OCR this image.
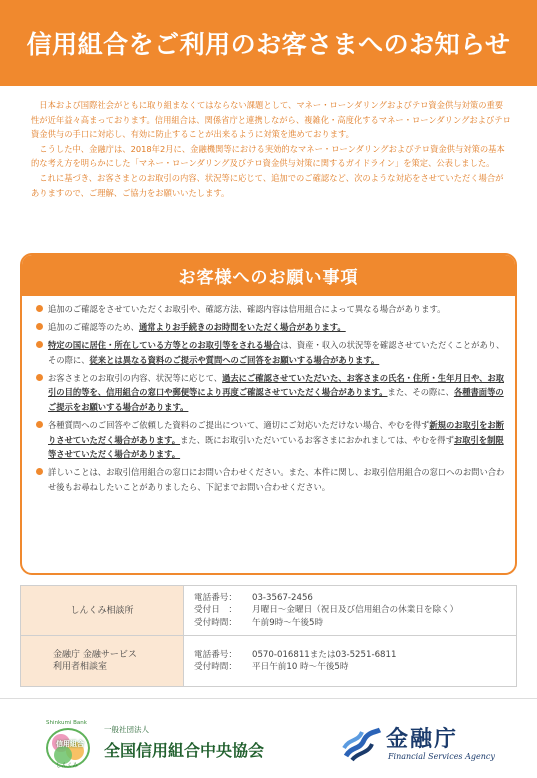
信用組合をご利用のお客さまへのお知らせ

日本および国際社会がともに取り組まなくてはならない課題として、マネー・ローンダリングおよびテロ資金供与対策の重要性が近年益々高まっております。信用組合は、関係省庁と連携しながら、複雑化・高度化するマネー・ローンダリングおよびテロ資金供与の手口に対応し、有効に防止することが出来るように対策を進めております。

こうした中、金融庁は、2018年2月に、金融機関等における実効的なマネー・ローンダリングおよびテロ資金供与対策の基本的な考え方を明らかにした「マネー・ローンダリング及びテロ資金供与対策に関するガイドライン」を策定、公表しました。

これに基づき、お客さまとのお取引の内容、状況等に応じて、追加でのご確認など、次のような対応をさせていただく場合がありますので、ご理解、ご協力をお願いいたします。

お客様へのお願い事項
追加のご確認をさせていただくお取引や、確認方法、確認内容は信用組合によって異なる場合があります。
追加のご確認等のため、通常よりお手続きのお時間をいただく場合があります。
特定の国に居住・所在している方等とのお取引等をされる場合は、資産・収入の状況等を確認させていただくことがあり、その際に、従来とは異なる資料のご提示や質問へのご回答をお願いする場合があります。
お客さまとのお取引の内容、状況等に応じて、過去にご確認させていただいた、お客さまの氏名・住所・生年月日や、お取引の目的等を、信用組合の窓口や郵便等により再度ご確認させていただく場合があります。また、その際に、各種書面等のご提示をお願いする場合があります。
各種質問へのご回答やご依頼した資料のご提出について、適切にご対応いただけない場合、やむを得ず新規のお取引をお断りさせていただく場合があります。また、既にお取引いただいているお客さまにおかれましては、やむを得ずお取引を制限等させていただく場合があります。
詳しいことは、お取引信用組合の窓口にお問い合わせください。また、本件に関し、お取引信用組合の窓口へのお問い合わせ後もお尋ねしたいことがありましたら、下記までお問い合わせください。
しんくみ相談所
電話番号： 03-3567-2456
受付日　： 月曜日～金曜日（祝日及び信用組合の休業日を除く）
受付時間： 午前9時～午後5時
金融庁 金融サービス
利用者相談室
電話番号： 0570-016811または03-5251-6811
受付時間： 平日午前10 時～午後5時
Shinkumi Bank
信用組合
しんくみ
一般社団法人
全国信用組合中央協会	金融庁
Financial Services Agency
